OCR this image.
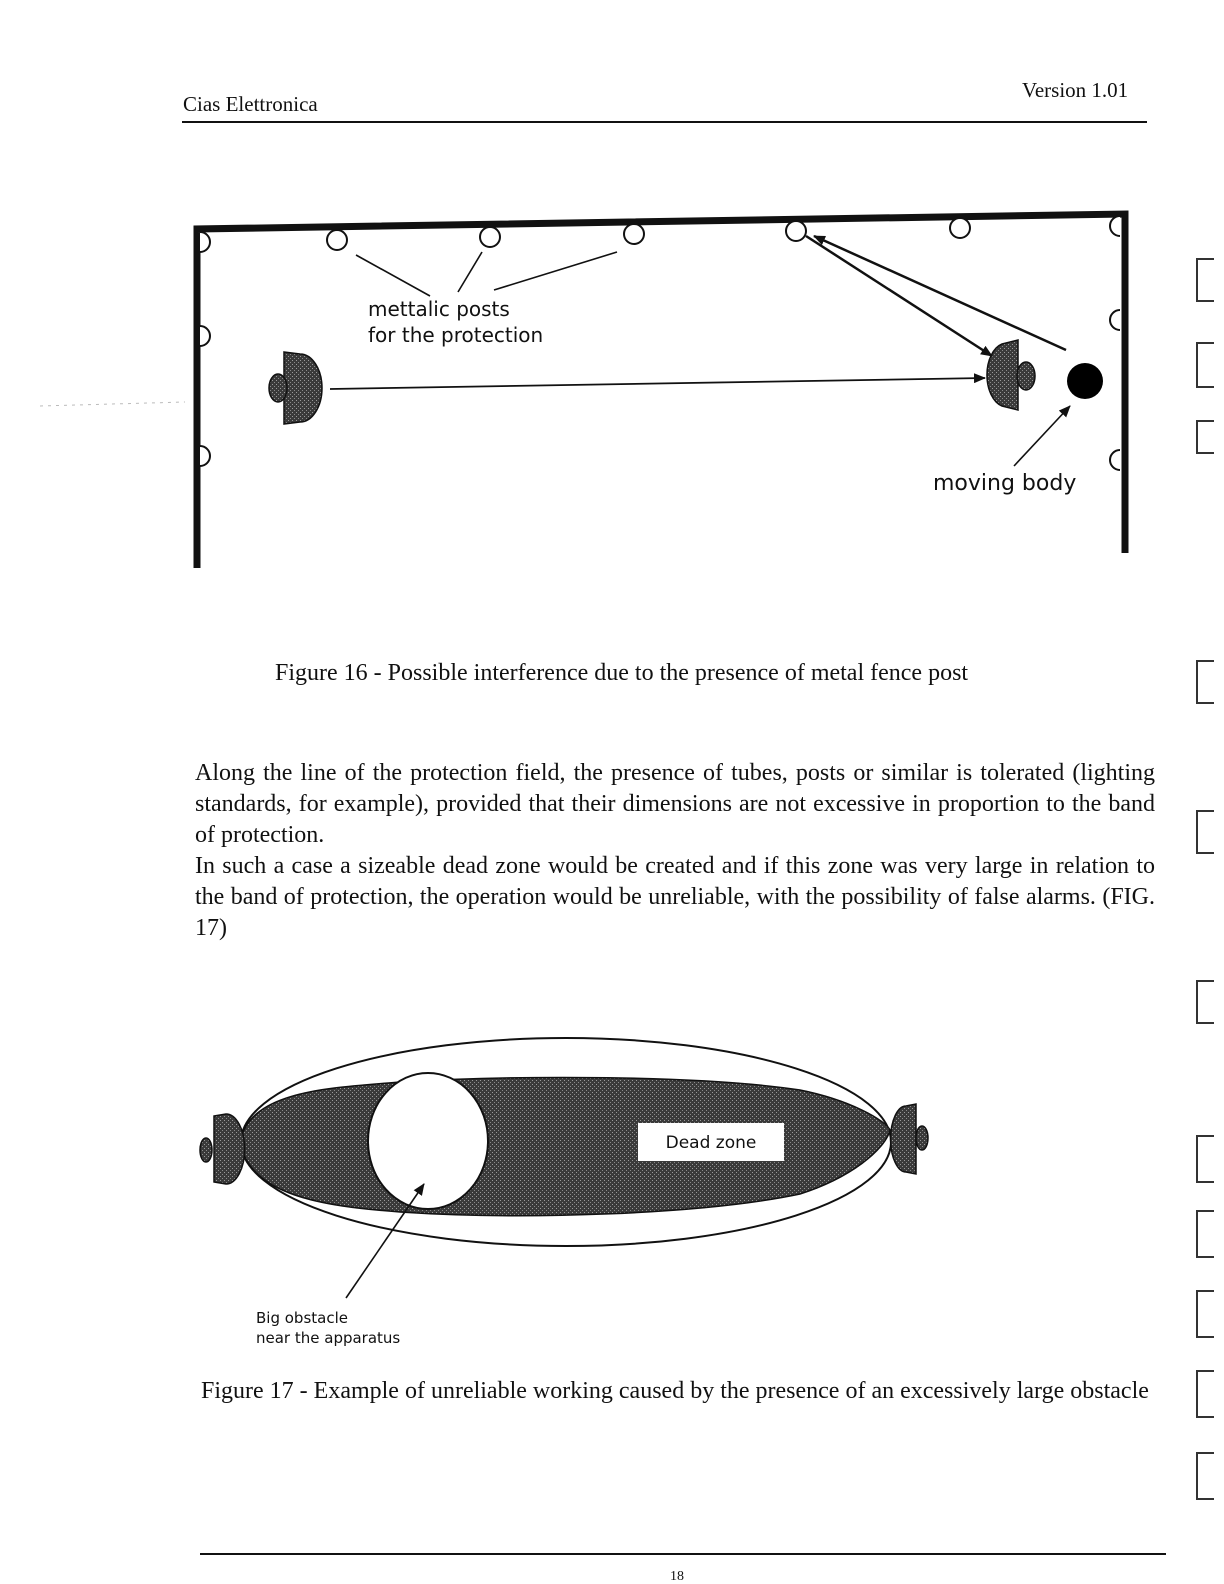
Cias Elettronica
Version 1.01
mettalic posts
for the protection
moving body
Dead zone
Big obstacle
near the apparatus
Figure 16 - Possible interference due to the presence of metal fence post
Along the line of the protection field, the presence of tubes, posts or similar is tolerated (lighting standards, for example), provided that their dimensions are not excessive in proportion to the band of protection.
In such a case a sizeable dead zone would be created and if this zone was very large in relation to the band of protection, the operation would be unreliable, with the possibility of false alarms. (FIG. 17)
Figure 17 - Example of unreliable working caused by the presence of an excessively large obstacle
18
